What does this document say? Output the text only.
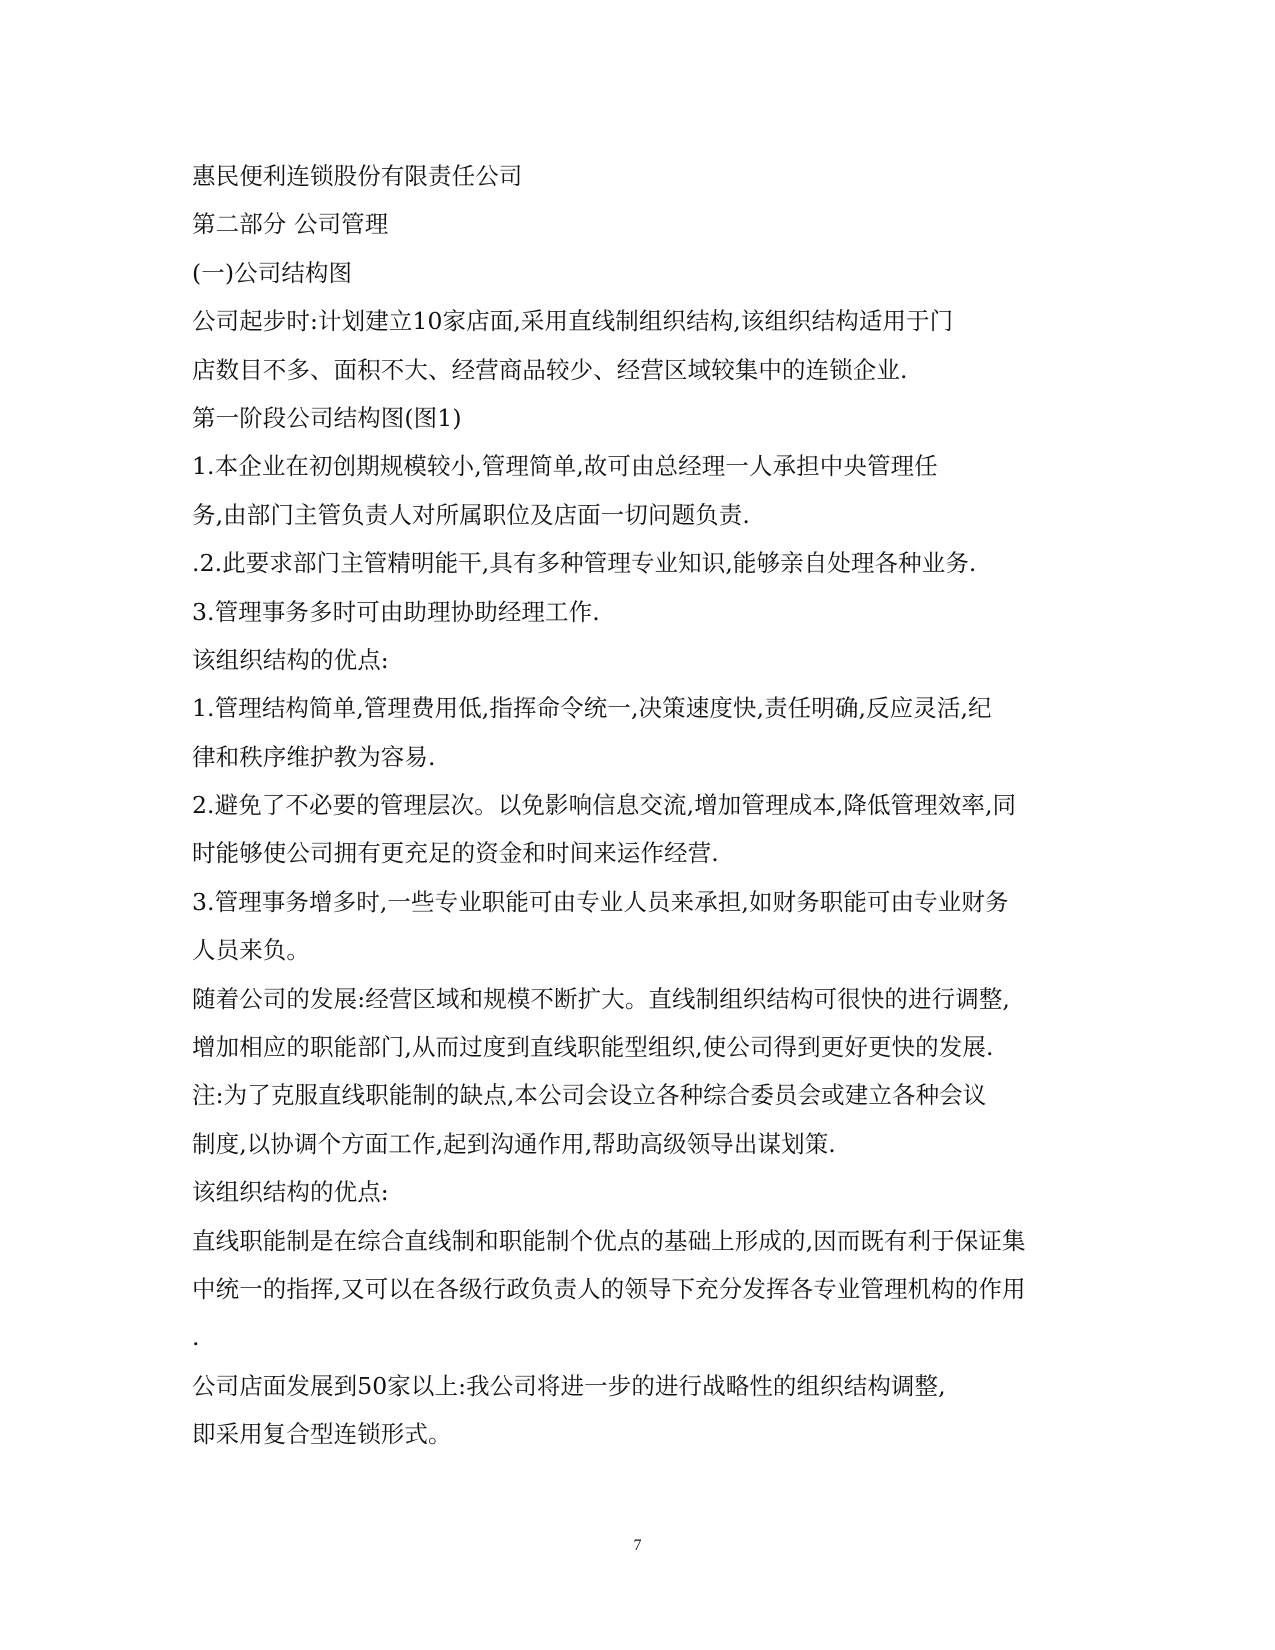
惠民便利连锁股份有限责任公司
第二部分 公司管理
(一)公司结构图
公司起步时:计划建立10家店面,采用直线制组织结构,该组织结构适用于门
店数目不多、面积不大、经营商品较少、经营区域较集中的连锁企业.
第一阶段公司结构图(图1)
1.本企业在初创期规模较小,管理简单,故可由总经理一人承担中央管理任
务,由部门主管负责人对所属职位及店面一切问题负责.
.2.此要求部门主管精明能干,具有多种管理专业知识,能够亲自处理各种业务.
3.管理事务多时可由助理协助经理工作.
该组织结构的优点:
1.管理结构简单,管理费用低,指挥命令统一,决策速度快,责任明确,反应灵活,纪
律和秩序维护教为容易.
2.避免了不必要的管理层次。以免影响信息交流,增加管理成本,降低管理效率,同
时能够使公司拥有更充足的资金和时间来运作经营.
3.管理事务增多时,一些专业职能可由专业人员来承担,如财务职能可由专业财务
人员来负。
随着公司的发展:经营区域和规模不断扩大。直线制组织结构可很快的进行调整,
增加相应的职能部门,从而过度到直线职能型组织,使公司得到更好更快的发展.
注:为了克服直线职能制的缺点,本公司会设立各种综合委员会或建立各种会议
制度,以协调个方面工作,起到沟通作用,帮助高级领导出谋划策.
该组织结构的优点:
直线职能制是在综合直线制和职能制个优点的基础上形成的,因而既有利于保证集
中统一的指挥,又可以在各级行政负责人的领导下充分发挥各专业管理机构的作用
.
公司店面发展到50家以上:我公司将进一步的进行战略性的组织结构调整,
即采用复合型连锁形式。
7
